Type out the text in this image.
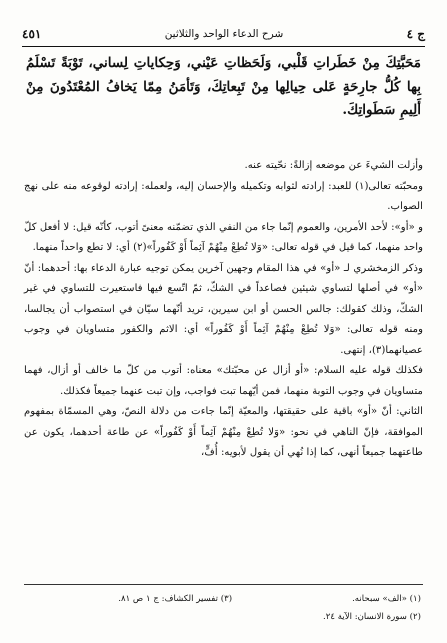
ج ٤
شرح الدعاء الواحد والثلاثين
٤٥١

مَحَبَّتِكَ مِنْ خَطَراتِ قَلْبي، وَلَحَظاتِ عَيْني، وَحِكاياتِ لِساني، تَوْبَةً تَسْلَمُ بِها كُلُّ جارِحَةٍ عَلى حِيالِها مِنْ تَبِعاتِكَ، وَتَأمَنُ مِمّا يَخافُ المُعْتَدُونَ مِنْ أَلِيمِ سَطَواتِكَ.

وأزلت الشيءَ عن موضعه إزالةً: نحّيته عنه.

ومحبّته تعالى(١) للعبد: إرادته لثوابه وتكميله والإحسان إليه، ولعمله: إرادته لوقوعه منه على نهج الصواب.

و «أو»: لأحد الأمرين، والعموم إنّما جاء من النفي الذي تضمّنه معنىً أتوب، كأنّه قيل: لا أفعل كلّ واحد منهما، كما قيل في قوله تعالى: «وَلا تُطِعْ مِنْهُمْ آثِماً أَوْ كَفُوراً»(٢) أي: لا تطع واحداً منهما.

وذكر الزمخشري لـ «أو» في هذا المقام وجهين آخرين يمكن توجيه عبارة الدعاء بها: أحدهما: أنّ «أو» في أصلها لتساوي شيئين فصاعداً في الشكّ، ثمّ اتّسع فيها فاستعيرت للتساوي في غير الشكّ، وذلك كقولك: جالس الحسن أو ابن سيرين، تريد أنّهما سيّان في استصواب أن يجالسا، ومنه قوله تعالى: «وَلا تُطِعْ مِنْهُمْ آثِماً أَوْ كَفُوراً» أي: الاثم والكفور متساويان في وجوب عصيانهما(٣)، إنتهى.

فكذلك قوله عليه السلام: «أو أزال عن محبّتك» معناه: أتوب من كلّ ما خالف أو أزال، فهما متساويان في وجوب التوبة منهما، فمن أيّهما تبت فواجب، وإن تبت عنهما جميعاً فكذلك.

الثاني: أنّ «أو» باقية على حقيقتها، والمعيّة إنّما جاءت من دلالة النصّ، وهي المسمّاة بمفهوم الموافقة، فإنّ الناهي في نحو: «وَلا تُطِعْ مِنْهُمْ آثِماً أَوْ كَفُوراً» عن طاعة أحدهما، يكون عن طاعتهما جميعاً أنهى، كما إذا نُهي أن يقول لأبويه: أُفٍّ،

(١) «الف» سبحانه.
(٣) تفسير الكشاف: ج ١ ص ٨١.
(٢) سورة الانسان: الآية ٢٤.
